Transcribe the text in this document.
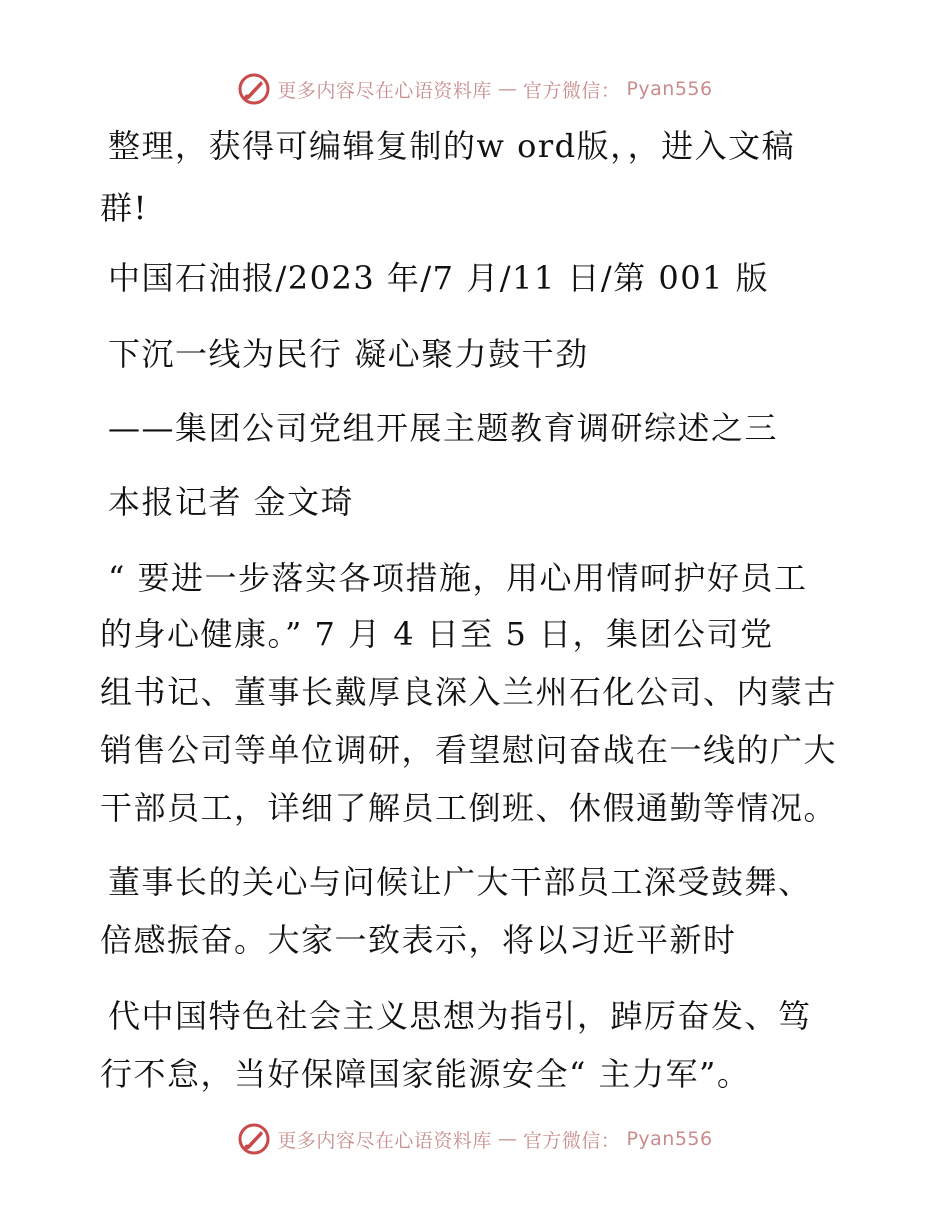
更多内容尽在心语资料库 — 官方微信： Pyan556
整理，获得可编辑复制的w ord版，，进入文稿
群!
中国石油报/2023 年/7 月/11 日/第 001 版
下沉一线为民行 凝心聚力鼓干劲
——集团公司党组开展主题教育调研综述之三
本报记者 金文琦
“ 要进一步落实各项措施，用心用情呵护好员工
的身心健康。” 7 月 4 日至 5 日，集团公司党
组书记、董事长戴厚良深入兰州石化公司、内蒙古
销售公司等单位调研，看望慰问奋战在一线的广大
干部员工，详细了解员工倒班、休假通勤等情况。
董事长的关心与问候让广大干部员工深受鼓舞、
倍感振奋。大家一致表示，将以习近平新时
代中国特色社会主义思想为指引，踔厉奋发、笃
行不怠，当好保障国家能源安全“ 主力军”。
更多内容尽在心语资料库 — 官方微信： Pyan556
